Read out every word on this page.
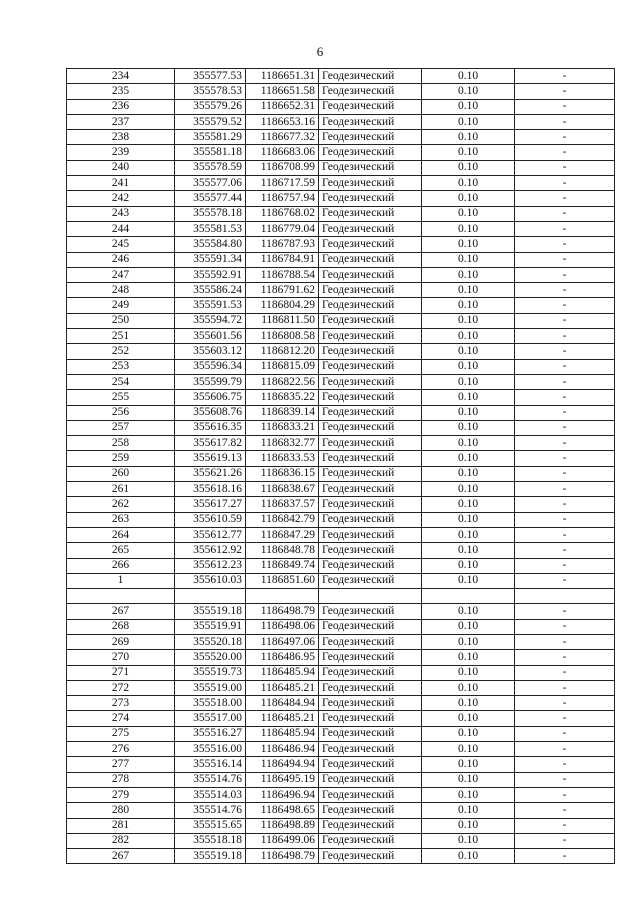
6
234	355577.53	1186651.31	Геодезический	0.10	-
235	355578.53	1186651.58	Геодезический	0.10	-
236	355579.26	1186652.31	Геодезический	0.10	-
237	355579.52	1186653.16	Геодезический	0.10	-
238	355581.29	1186677.32	Геодезический	0.10	-
239	355581.18	1186683.06	Геодезический	0.10	-
240	355578.59	1186708.99	Геодезический	0.10	-
241	355577.06	1186717.59	Геодезический	0.10	-
242	355577.44	1186757.94	Геодезический	0.10	-
243	355578.18	1186768.02	Геодезический	0.10	-
244	355581.53	1186779.04	Геодезический	0.10	-
245	355584.80	1186787.93	Геодезический	0.10	-
246	355591.34	1186784.91	Геодезический	0.10	-
247	355592.91	1186788.54	Геодезический	0.10	-
248	355586.24	1186791.62	Геодезический	0.10	-
249	355591.53	1186804.29	Геодезический	0.10	-
250	355594.72	1186811.50	Геодезический	0.10	-
251	355601.56	1186808.58	Геодезический	0.10	-
252	355603.12	1186812.20	Геодезический	0.10	-
253	355596.34	1186815.09	Геодезический	0.10	-
254	355599.79	1186822.56	Геодезический	0.10	-
255	355606.75	1186835.22	Геодезический	0.10	-
256	355608.76	1186839.14	Геодезический	0.10	-
257	355616.35	1186833.21	Геодезический	0.10	-
258	355617.82	1186832.77	Геодезический	0.10	-
259	355619.13	1186833.53	Геодезический	0.10	-
260	355621.26	1186836.15	Геодезический	0.10	-
261	355618.16	1186838.67	Геодезический	0.10	-
262	355617.27	1186837.57	Геодезический	0.10	-
263	355610.59	1186842.79	Геодезический	0.10	-
264	355612.77	1186847.29	Геодезический	0.10	-
265	355612.92	1186848.78	Геодезический	0.10	-
266	355612.23	1186849.74	Геодезический	0.10	-
1	355610.03	1186851.60	Геодезический	0.10	-

267	355519.18	1186498.79	Геодезический	0.10	-
268	355519.91	1186498.06	Геодезический	0.10	-
269	355520.18	1186497.06	Геодезический	0.10	-
270	355520.00	1186486.95	Геодезический	0.10	-
271	355519.73	1186485.94	Геодезический	0.10	-
272	355519.00	1186485.21	Геодезический	0.10	-
273	355518.00	1186484.94	Геодезический	0.10	-
274	355517.00	1186485.21	Геодезический	0.10	-
275	355516.27	1186485.94	Геодезический	0.10	-
276	355516.00	1186486.94	Геодезический	0.10	-
277	355516.14	1186494.94	Геодезический	0.10	-
278	355514.76	1186495.19	Геодезический	0.10	-
279	355514.03	1186496.94	Геодезический	0.10	-
280	355514.76	1186498.65	Геодезический	0.10	-
281	355515.65	1186498.89	Геодезический	0.10	-
282	355518.18	1186499.06	Геодезический	0.10	-
267	355519.18	1186498.79	Геодезический	0.10	-
